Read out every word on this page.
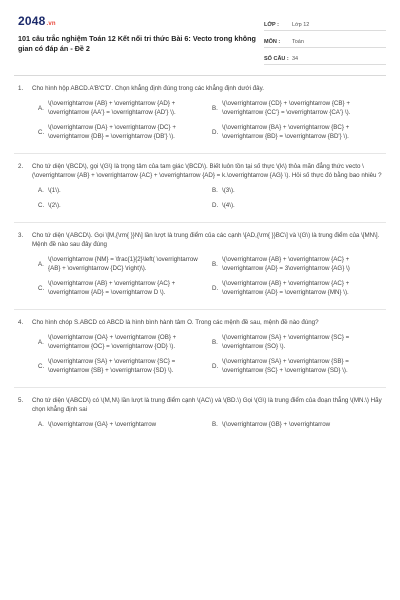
2048.vn
101 câu trắc nghiệm Toán 12 Kết nối tri thức Bài 6: Vecto trong không gian có đáp án - Đề 2
LỚP :	Lớp 12
MÔN :	Toán
SỐ CÂU : 34
1.	Cho hình hộp ABCD.A'B'C'D'. Chọn khẳng định đúng trong các khẳng định dưới đây.
A.
\(\overrightarrow {AB} + \overrightarrow {AD} + \overrightarrow {AA'} = \overrightarrow {AD'} \).
B.
\(\overrightarrow {CD} + \overrightarrow {CB} + \overrightarrow {CC'} = \overrightarrow {CA'} \).
C.
\(\overrightarrow {DA} + \overrightarrow {DC} + \overrightarrow {DB} = \overrightarrow {DB'} \).
D.
\(\overrightarrow {BA} + \overrightarrow {BC} + \overrightarrow {BD} = \overrightarrow {BD'} \).
2.	Cho tứ diện \(BCD\), gọi \(G\) là trọng tâm của tam giác \(BCD\). Biết luôn tồn tại số thực \(k\) thỏa mãn đẳng thức vecto \(\overrightarrow {AB} + \overrightarrow {AC} + \overrightarrow {AD} = k.\overrightarrow {AG} \). Hỏi số thực đó bằng bao nhiêu ?
A. \(1\).	B. \(3\).
C. \(2\).	D. \(4\).
3.	Cho tứ diện \(ABCD\). Gọi \[M,{\rm{ }}N\] lần lượt là trung điểm của các cạnh \[AD,{\rm{ }}BC\] và \(G\) là trung điểm của \[MN\]. Mệnh đề nào sau đây đúng
A.
\(\overrightarrow {NM} = \frac{1}{2}\left( \overrightarrow {AB} + \overrightarrow {DC} \right)\).
B.
\(\overrightarrow {AB} + \overrightarrow {AC} + \overrightarrow {AD} = 3\overrightarrow {AG} \)
C.
\(\overrightarrow {AB} + \overrightarrow {AC} + \overrightarrow {AD} = \overrightarrow D \).
D.
\(\overrightarrow {AB} + \overrightarrow {AC} + \overrightarrow {AD} = \overrightarrow {MN} \).
4.	Cho hình chóp S.ABCD có ABCD là hình bình hành tâm O. Trong các mệnh đề sau, mệnh đề nào đúng?
A.
\(\overrightarrow {OA} + \overrightarrow {OB} + \overrightarrow {OC} = \overrightarrow {OD} \).
B.
\(\overrightarrow {SA} + \overrightarrow {SC} = \overrightarrow {SO} \).
C.
\(\overrightarrow {SA} + \overrightarrow {SC} = \overrightarrow {SB} + \overrightarrow {SD} \).
D.
\(\overrightarrow {SA} + \overrightarrow {SB} = \overrightarrow {SC} + \overrightarrow {SD} \).
5.	Cho tứ diện \(ABCD\) có \(M,N\) lần lượt là trung điểm cạnh \(AC\) và \(BD.\) Gọi \(G\) là trung điểm của đoạn thẳng \(MN.\) Hãy chọn khẳng định sai
A. \(\overrightarrow {GA} + \overrightarrow	B. \(\overrightarrow {GB} + \overrightarrow
